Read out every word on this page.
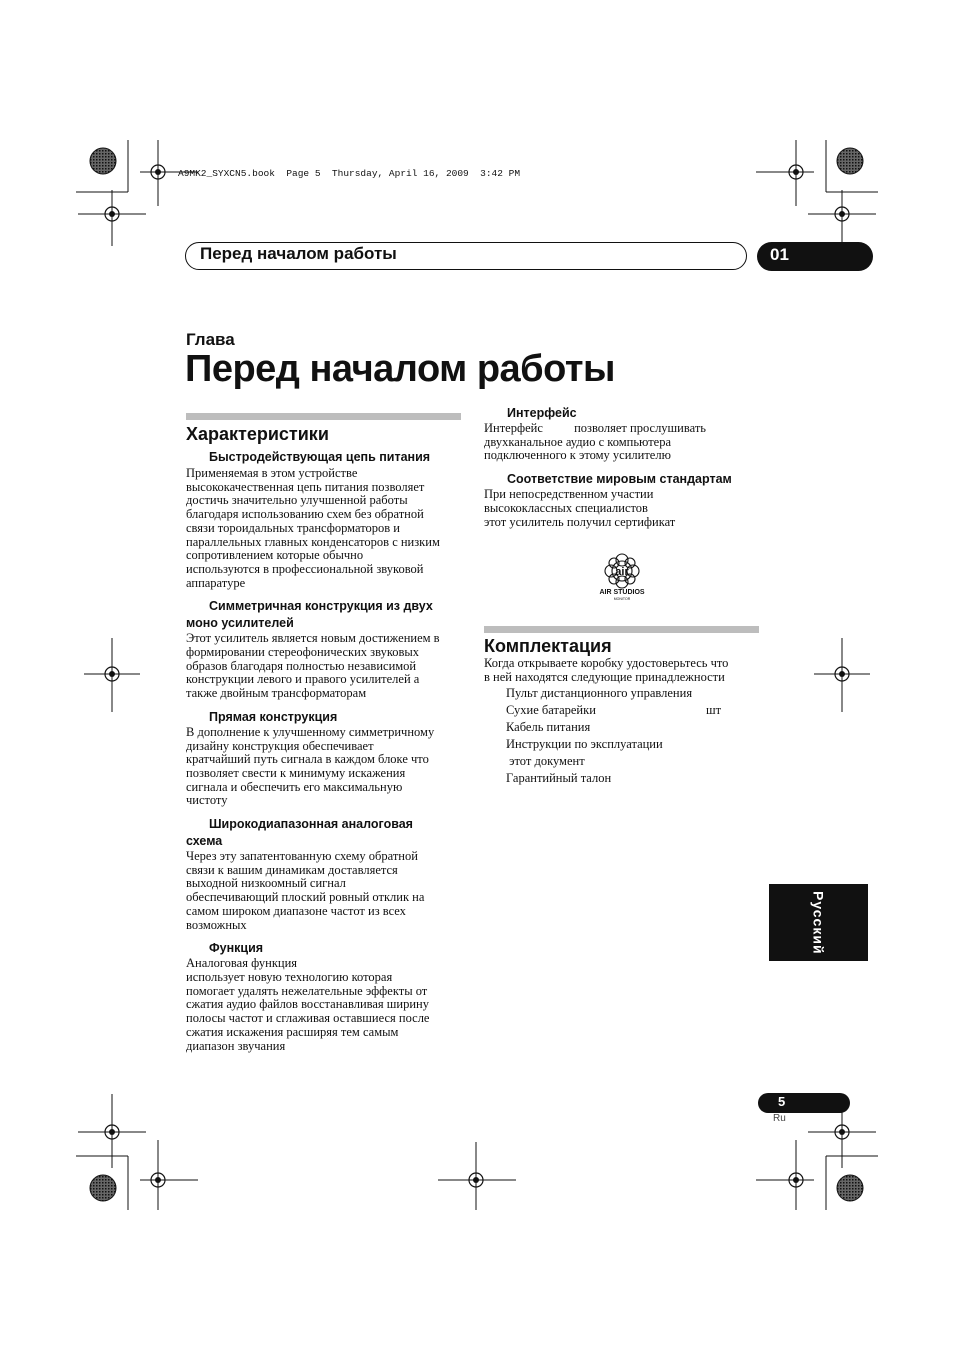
A9MK2_SYXCN5.book  Page 5  Thursday, April 16, 2009  3:42 PM
Перед началом работы	01
Глава
Перед началом работы
Характеристики
Быстродействующая цепь питания
Применяемая в этом устройстве
высококачественная цепь питания позволяет
достичь значительно улучшенной работы
благодаря использованию схем без обратной
связи тороидальных трансформаторов и
параллельных главных конденсаторов с низким
сопротивлением которые обычно
используются в профессиональной звуковой
аппаратуре
Симметричная конструкция из двух
моно усилителей
Этот усилитель является новым достижением в
формировании стереофонических звуковых
образов благодаря полностью независимой
конструкции левого и правого усилителей а
также двойным трансформаторам
Прямая конструкция
В дополнение к улучшенному симметричному
дизайну конструкция обеспечивает
кратчайший путь сигнала в каждом блоке что
позволяет свести к минимуму искажения
сигнала и обеспечить его максимальную
чистоту
Широкодиапазонная аналоговая
схема
Через эту запатентованную схему обратной
связи к вашим динамикам доставляется
выходной низкоомный сигнал
обеспечивающий плоский ровный отклик на
самом широком диапазоне частот из всех
возможных
Функция
Аналоговая функция
использует новую технологию которая
помогает удалять нежелательные эффекты от
сжатия аудио файлов восстанавливая ширину
полосы частот и сглаживая оставшиеся после
сжатия искажения расширяя тем самым
диапазон звучания
Интерфейс
Интерфейс          позволяет прослушивать
двухканальное аудио с компьютера
подключенного к этому усилителю
Соответствие мировым стандартам
При непосредственном участии
высококлассных специалистов
этот усилитель получил сертификат
air
AIR STUDIOS
MONITOR
Комплектация
Когда открываете коробку удостоверьтесь что
в ней находятся следующие принадлежности
Пульт дистанционного управления
Сухие батарейки	шт
Кабель питания
Инструкции по эксплуатации
этот документ
Гарантийный талон
Русский
5
Ru
